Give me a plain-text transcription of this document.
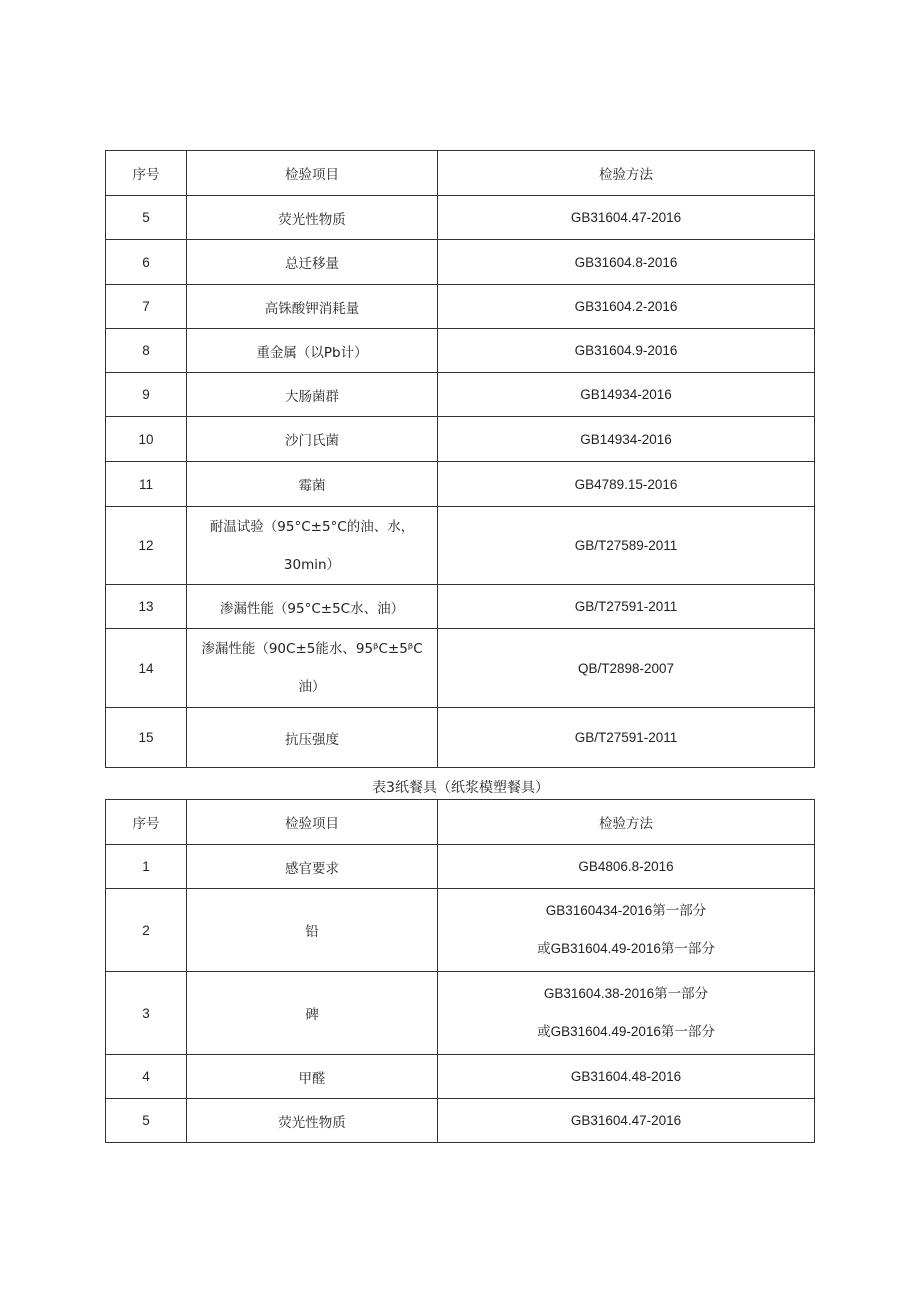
序号	检验项目	检验方法
5	荧光性物质	GB31604.47-2016
6	总迁移量	GB31604.8-2016
7	高铢酸钾消耗量	GB31604.2-2016
8	重金属（以Pb计）	GB31604.9-2016
9	大肠菌群	GB14934-2016
10	沙门氏菌	GB14934-2016
11	霉菌	GB4789.15-2016
12	耐温试验（95°C±5°C的油、水，30min）	GB/T27589-2011
13	渗漏性能（95°C±5C水、油）	GB/T27591-2011
14	渗漏性能（90C±5能水、95ᵝC±5ᵝC油）	QB/T2898-2007
15	抗压强度	GB/T27591-2011
表3纸餐具（纸浆模塑餐具）
序号	检验项目	检验方法
1	感官要求	GB4806.8-2016
2	铅	GB3160434-2016第一部分
或GB31604.49-2016第一部分

3	碑	GB31604.38-2016第一部分
或GB31604.49-2016第一部分

4	甲醛	GB31604.48-2016
5	荧光性物质	GB31604.47-2016
